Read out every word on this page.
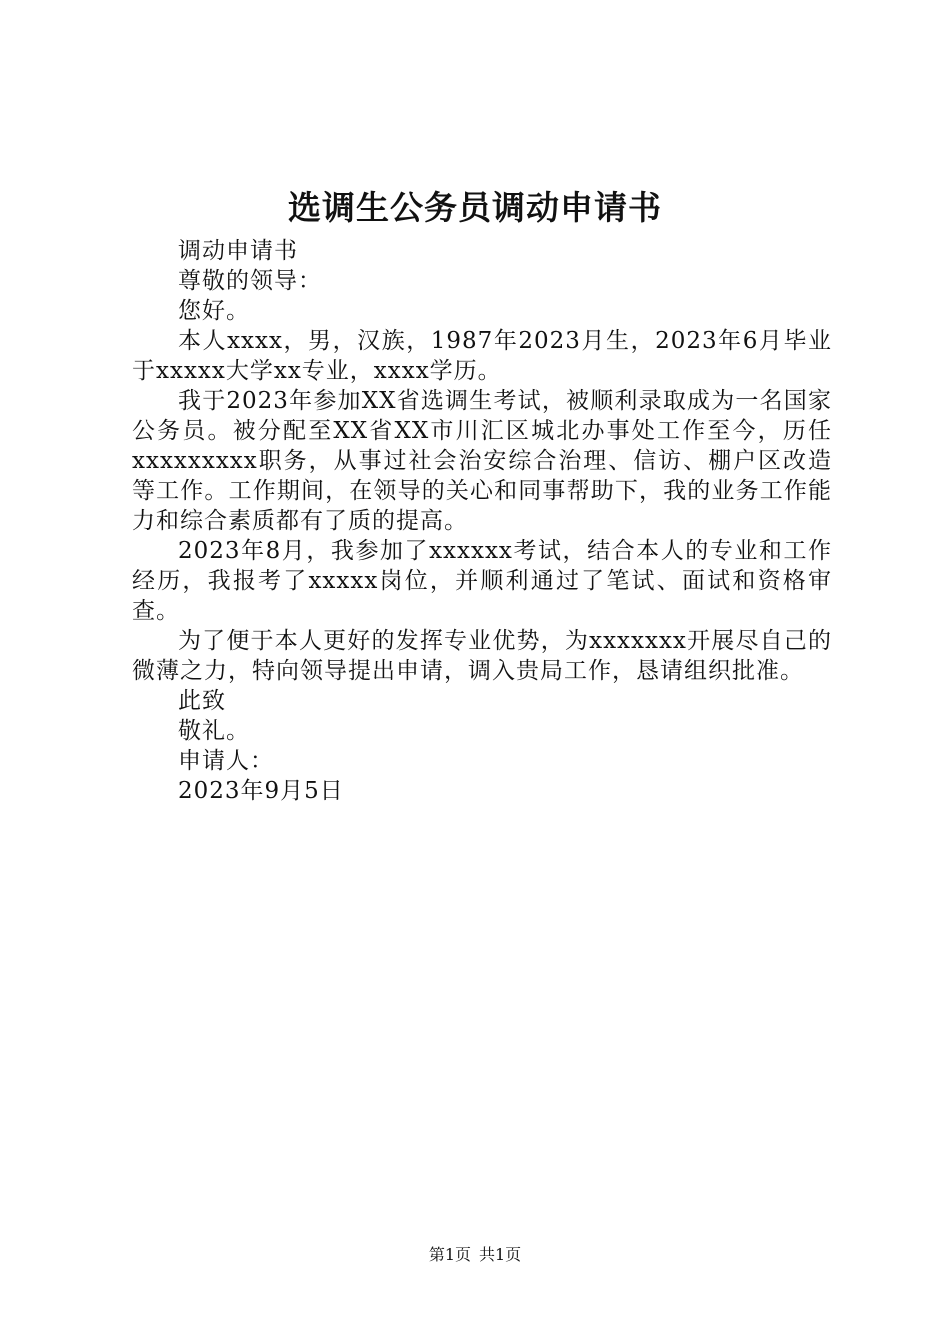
选调生公务员调动申请书

调动申请书

尊敬的领导：

您好。

本人xxxx，男，汉族，1987年2023月生，2023年6月毕业于xxxxx大学xx专业，xxxx学历。

我于2023年参加XX省选调生考试，被顺利录取成为一名国家公务员。被分配至XX省XX市川汇区城北办事处工作至今，历任xxxxxxxxx职务，从事过社会治安综合治理、信访、棚户区改造等工作。工作期间，在领导的关心和同事帮助下，我的业务工作能力和综合素质都有了质的提高。

2023年8月，我参加了xxxxxx考试，结合本人的专业和工作经历，我报考了xxxxx岗位，并顺利通过了笔试、面试和资格审查。

为了便于本人更好的发挥专业优势，为xxxxxxx开展尽自己的微薄之力，特向领导提出申请，调入贵局工作，恳请组织批准。

此致

敬礼。

申请人：

2023年9月5日

第1页 共1页
